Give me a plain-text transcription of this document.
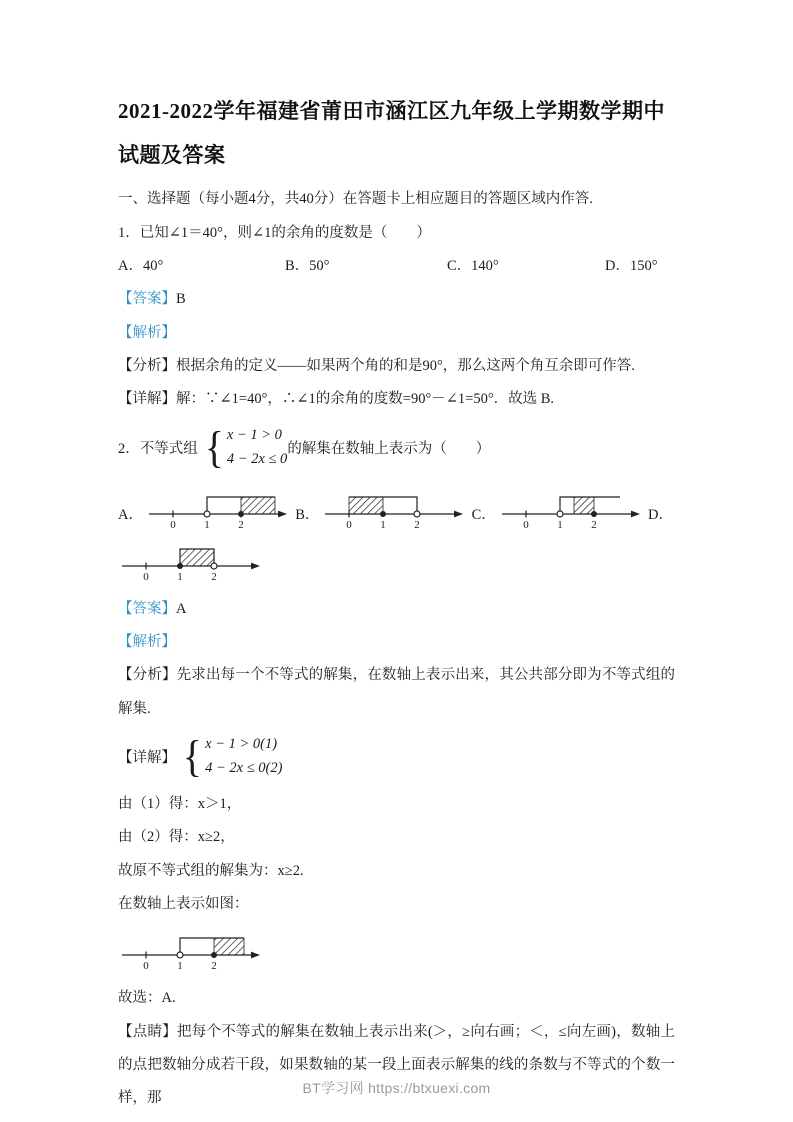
2021-2022学年福建省莆田市涵江区九年级上学期数学期中
试题及答案

一、选择题（每小题4分，共40分）在答题卡上相应题目的答题区域内作答.

1．已知∠1＝40°，则∠1的余角的度数是（　　）

A．40°	B．50°	C．140°	D．150°

【答案】B

【解析】

【分析】根据余角的定义——如果两个角的和是90°，那么这两个角互余即可作答.

【详解】解：∵∠1=40°，∴∠1的余角的度数=90°－∠1=50°．故选 B.

2．不等式组 { x − 1 > 0
4 − 2x ≤ 0
的解集在数轴上表示为（　　）
A．
0	1	2
B．
0	1	2
C．
0	1	2
D．
0	1	2

【答案】A

【解析】

【分析】先求出每一个不等式的解集，在数轴上表示出来，其公共部分即为不等式组的解集.

【详解】 { x − 1 > 0(1)
4 − 2x ≤ 0(2)

由（1）得：x＞1，

由（2）得：x≥2，

故原不等式组的解集为：x≥2.

在数轴上表示如图：

0	1	2

故选：A.

【点睛】把每个不等式的解集在数轴上表示出来(＞，≥向右画；＜，≤向左画)，数轴上的点把数轴分成若干段，如果数轴的某一段上面表示解集的线的条数与不等式的个数一样，那

BT学习网 https://btxuexi.com
